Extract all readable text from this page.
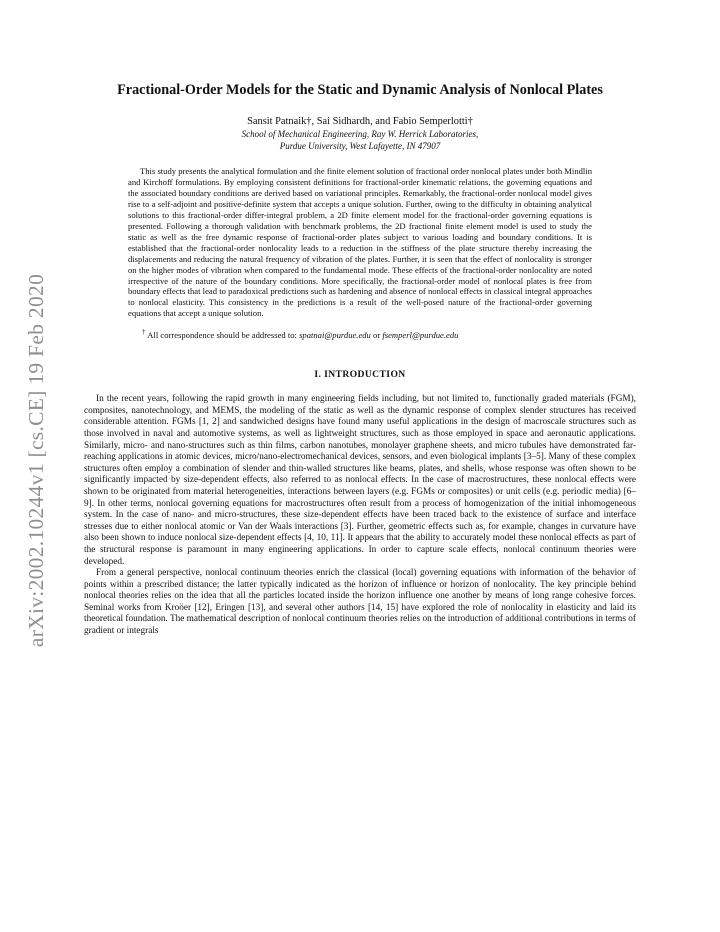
arXiv:2002.10244v1 [cs.CE] 19 Feb 2020
Fractional-Order Models for the Static and Dynamic Analysis of Nonlocal Plates
Sansit Patnaik†, Sai Sidhardh, and Fabio Semperlotti†
School of Mechanical Engineering, Ray W. Herrick Laboratories,
Purdue University, West Lafayette, IN 47907
This study presents the analytical formulation and the finite element solution of fractional order nonlocal plates under both Mindlin and Kirchoff formulations. By employing consistent definitions for fractional-order kinematic relations, the governing equations and the associated boundary conditions are derived based on variational principles. Remarkably, the fractional-order nonlocal model gives rise to a self-adjoint and positive-definite system that accepts a unique solution. Further, owing to the difficulty in obtaining analytical solutions to this fractional-order differ-integral problem, a 2D finite element model for the fractional-order governing equations is presented. Following a thorough validation with benchmark problems, the 2D fractional finite element model is used to study the static as well as the free dynamic response of fractional-order plates subject to various loading and boundary conditions. It is established that the fractional-order nonlocality leads to a reduction in the stiffness of the plate structure thereby increasing the displacements and reducing the natural frequency of vibration of the plates. Further, it is seen that the effect of nonlocality is stronger on the higher modes of vibration when compared to the fundamental mode. These effects of the fractional-order nonlocality are noted irrespective of the nature of the boundary conditions. More specifically, the fractional-order model of nonlocal plates is free from boundary effects that lead to paradoxical predictions such as hardening and absence of nonlocal effects in classical integral approaches to nonlocal elasticity. This consistency in the predictions is a result of the well-posed nature of the fractional-order governing equations that accept a unique solution.
† All correspondence should be addressed to: spatnai@purdue.edu or fsemperl@purdue.edu
I. INTRODUCTION

In the recent years, following the rapid growth in many engineering fields including, but not limited to, functionally graded materials (FGM), composites, nanotechnology, and MEMS, the modeling of the static as well as the dynamic response of complex slender structures has received considerable attention. FGMs [1, 2] and sandwiched designs have found many useful applications in the design of macroscale structures such as those involved in naval and automotive systems, as well as lightweight structures, such as those employed in space and aeronautic applications. Similarly, micro- and nano-structures such as thin films, carbon nanotubes, monolayer graphene sheets, and micro tubules have demonstrated far-reaching applications in atomic devices, micro/nano-electromechanical devices, sensors, and even biological implants [3–5]. Many of these complex structures often employ a combination of slender and thin-walled structures like beams, plates, and shells, whose response was often shown to be significantly impacted by size-dependent effects, also referred to as nonlocal effects. In the case of macrostructures, these nonlocal effects were shown to be originated from material heterogeneities, interactions between layers (e.g. FGMs or composites) or unit cells (e.g. periodic media) [6–9]. In other terms, nonlocal governing equations for macrostructures often result from a process of homogenization of the initial inhomogeneous system. In the case of nano- and micro-structures, these size-dependent effects have been traced back to the existence of surface and interface stresses due to either nonlocal atomic or Van der Waals interactions [3]. Further, geometric effects such as, for example, changes in curvature have also been shown to induce nonlocal size-dependent effects [4, 10, 11]. It appears that the ability to accurately model these nonlocal effects as part of the structural response is paramount in many engineering applications. In order to capture scale effects, nonlocal continuum theories were developed.

From a general perspective, nonlocal continuum theories enrich the classical (local) governing equations with information of the behavior of points within a prescribed distance; the latter typically indicated as the horizon of influence or horizon of nonlocality. The key principle behind nonlocal theories relies on the idea that all the particles located inside the horizon influence one another by means of long range cohesive forces. Seminal works from Kroöer [12], Eringen [13], and several other authors [14, 15] have explored the role of nonlocality in elasticity and laid its theoretical foundation. The mathematical description of nonlocal continuum theories relies on the introduction of additional contributions in terms of gradient or integrals
